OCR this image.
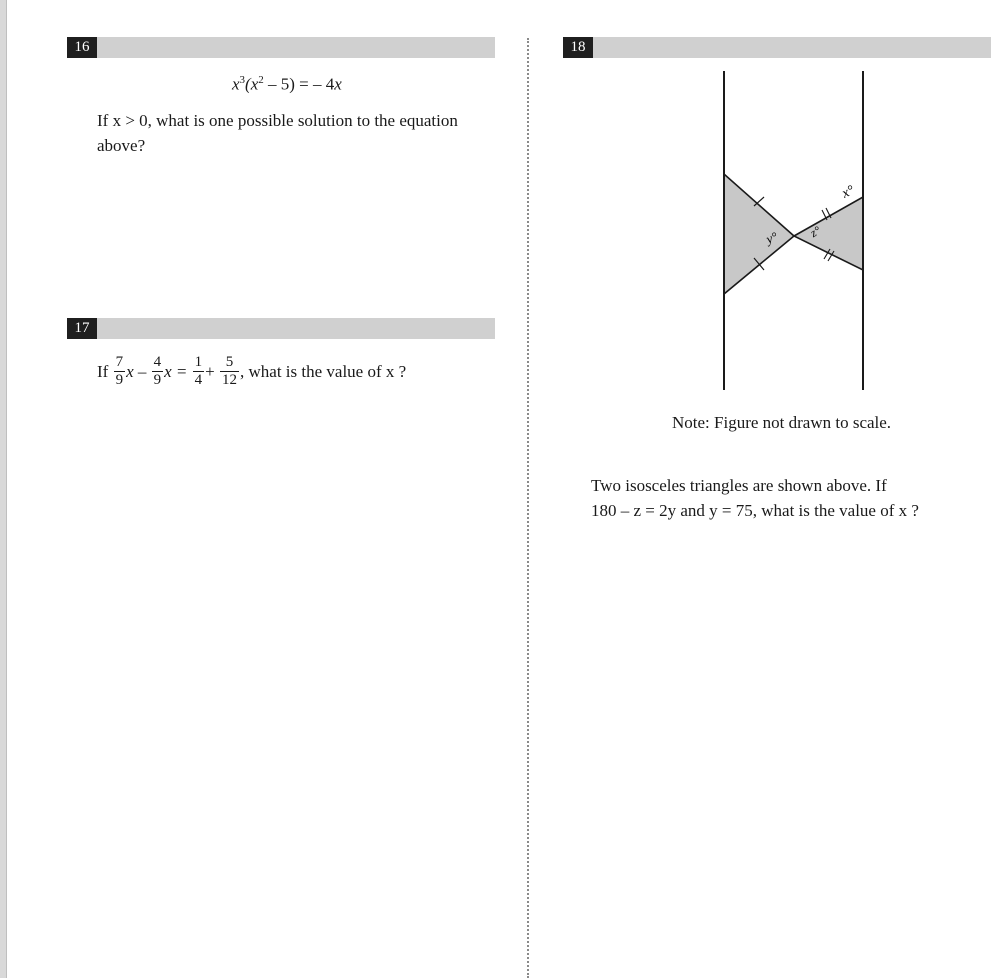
16
$x^3(x^2 - 5)$ = – 4x
If x > 0, what is one possible solution to the equation
above?
17
If $\frac{7}{9}$ x – $\frac{4}{9}$ $x = \frac{1}{4} + \frac{5}{12}$ , what is the value of x ?
18
x°
y° z°
Note: Figure not drawn to scale.
Two isosceles triangles are shown above. If
180 – z = 2y and y = 75, what is the value of x ?
